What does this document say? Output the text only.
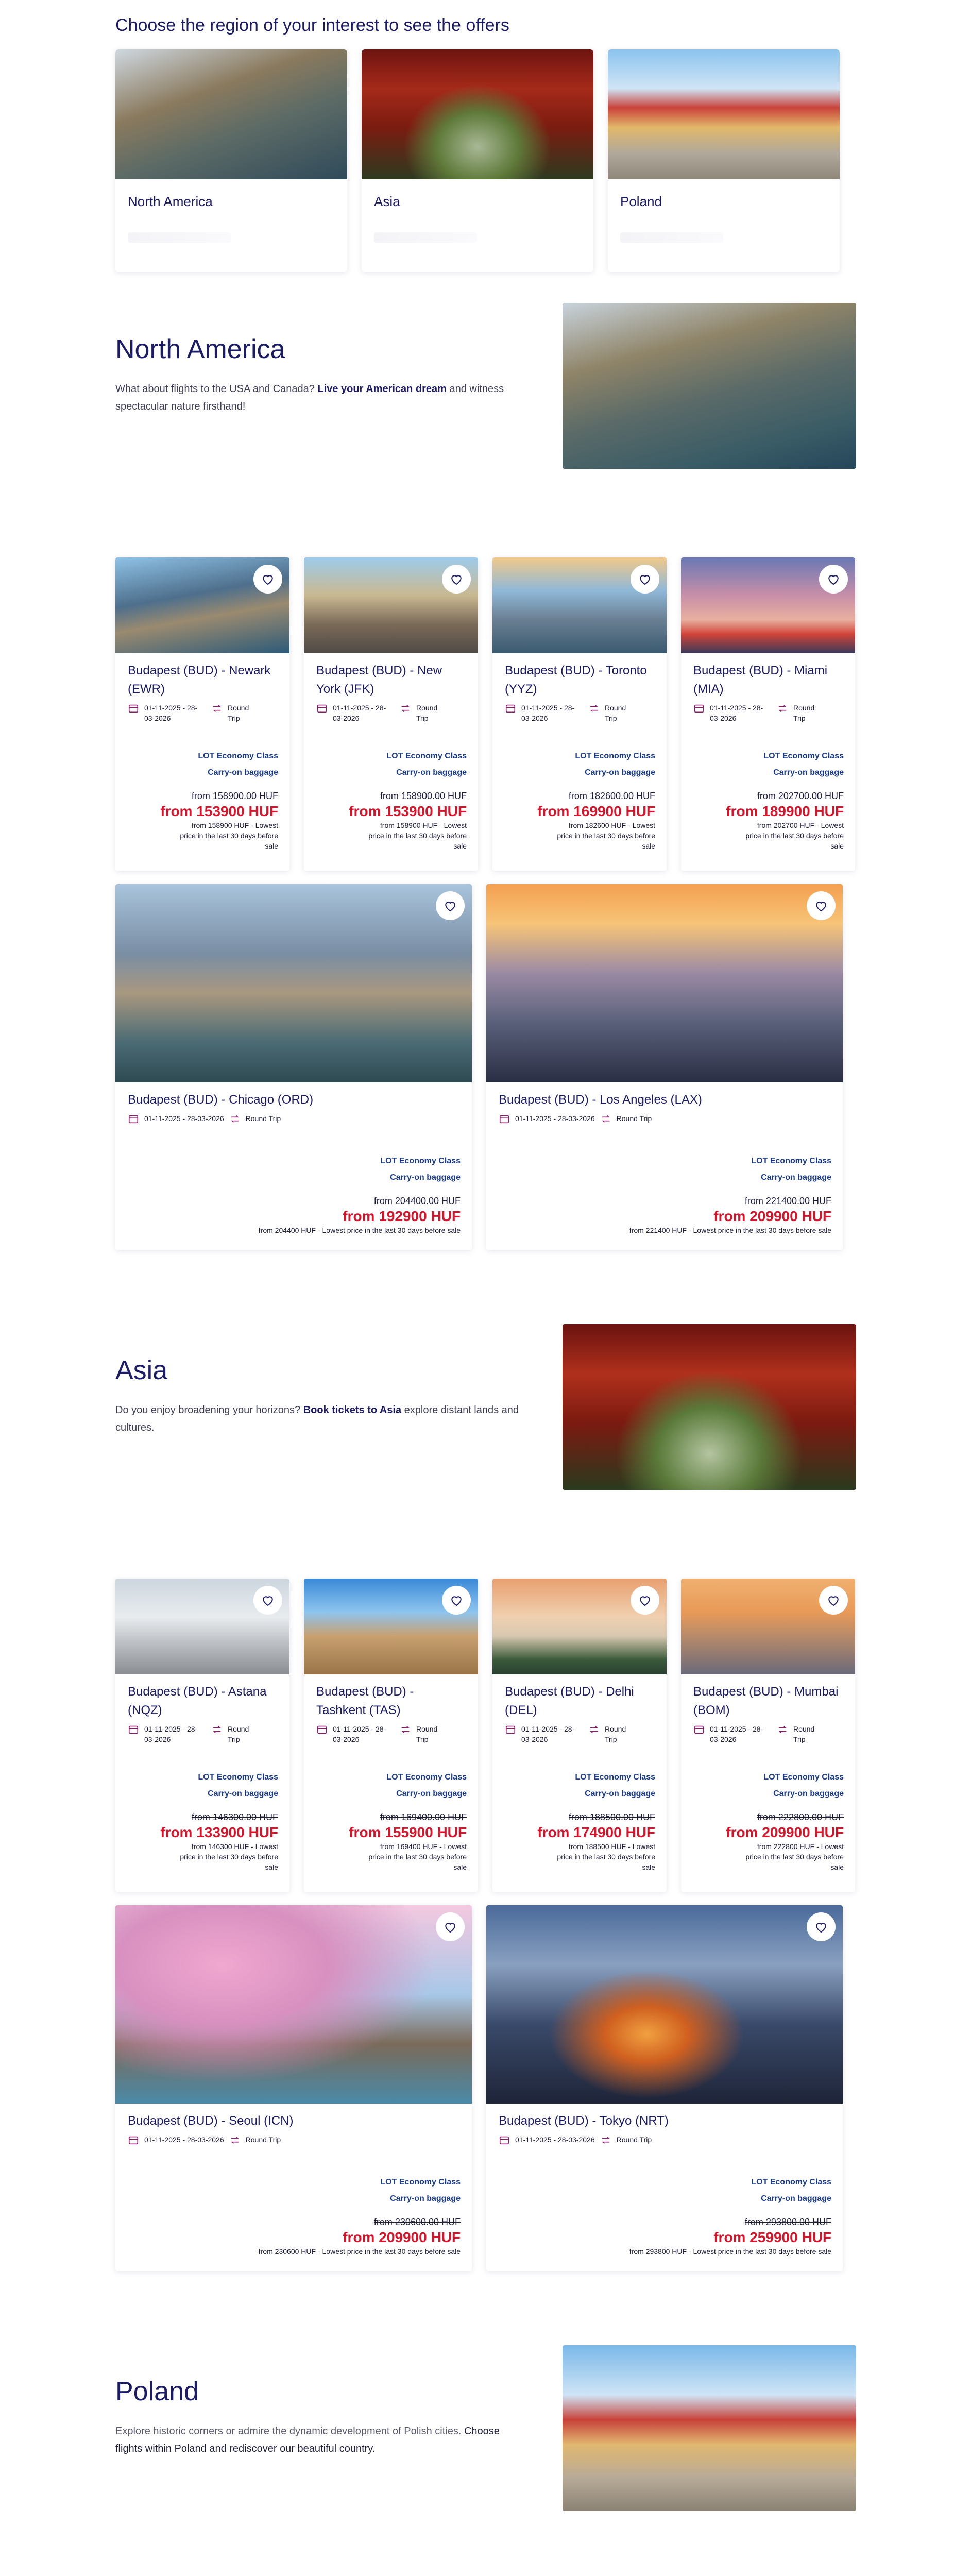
Choose the region of your interest to see the offers
North America	Asia	Poland
North America

What about flights to the USA and Canada? Live your American dream and witness spectacular nature firsthand!

Budapest (BUD) - Newark (EWR)
01-11-2025 - 28-03-2026
Round Trip
LOT Economy Class
Carry-on baggage
from 158900.00 HUF
from 153900 HUF
from 158900 HUF - Lowest price in the last 30 days before sale
Budapest (BUD) - New York (JFK)
01-11-2025 - 28-03-2026
Round Trip
LOT Economy Class
Carry-on baggage
from 158900.00 HUF
from 153900 HUF
from 158900 HUF - Lowest price in the last 30 days before sale
Budapest (BUD) - Toronto (YYZ)
01-11-2025 - 28-03-2026
Round Trip
LOT Economy Class
Carry-on baggage
from 182600.00 HUF
from 169900 HUF
from 182600 HUF - Lowest price in the last 30 days before sale
Budapest (BUD) - Miami (MIA)
01-11-2025 - 28-03-2026
Round Trip
LOT Economy Class
Carry-on baggage
from 202700.00 HUF
from 189900 HUF
from 202700 HUF - Lowest price in the last 30 days before sale
Budapest (BUD) - Chicago (ORD)
01-11-2025 - 28-03-2026	Round Trip
LOT Economy Class
Carry-on baggage
from 204400.00 HUF
from 192900 HUF
from 204400 HUF - Lowest price in the last 30 days before sale
Budapest (BUD) - Los Angeles (LAX)
01-11-2025 - 28-03-2026	Round Trip
LOT Economy Class
Carry-on baggage
from 221400.00 HUF
from 209900 HUF
from 221400 HUF - Lowest price in the last 30 days before sale
Asia

Do you enjoy broadening your horizons? Book tickets to Asia explore distant lands and cultures.

Budapest (BUD) - Astana (NQZ)
01-11-2025 - 28-03-2026
Round Trip
LOT Economy Class
Carry-on baggage
from 146300.00 HUF
from 133900 HUF
from 146300 HUF - Lowest price in the last 30 days before sale
Budapest (BUD) - Tashkent (TAS)
01-11-2025 - 28-03-2026
Round Trip
LOT Economy Class
Carry-on baggage
from 169400.00 HUF
from 155900 HUF
from 169400 HUF - Lowest price in the last 30 days before sale
Budapest (BUD) - Delhi (DEL)
01-11-2025 - 28-03-2026
Round Trip
LOT Economy Class
Carry-on baggage
from 188500.00 HUF
from 174900 HUF
from 188500 HUF - Lowest price in the last 30 days before sale
Budapest (BUD) - Mumbai (BOM)
01-11-2025 - 28-03-2026
Round Trip
LOT Economy Class
Carry-on baggage
from 222800.00 HUF
from 209900 HUF
from 222800 HUF - Lowest price in the last 30 days before sale
Budapest (BUD) - Seoul (ICN)
01-11-2025 - 28-03-2026	Round Trip
LOT Economy Class
Carry-on baggage
from 230600.00 HUF
from 209900 HUF
from 230600 HUF - Lowest price in the last 30 days before sale
Budapest (BUD) - Tokyo (NRT)
01-11-2025 - 28-03-2026	Round Trip
LOT Economy Class
Carry-on baggage
from 293800.00 HUF
from 259900 HUF
from 293800 HUF - Lowest price in the last 30 days before sale
Poland

Explore historic corners or admire the dynamic development of Polish cities. Choose flights within Poland and rediscover our beautiful country.
